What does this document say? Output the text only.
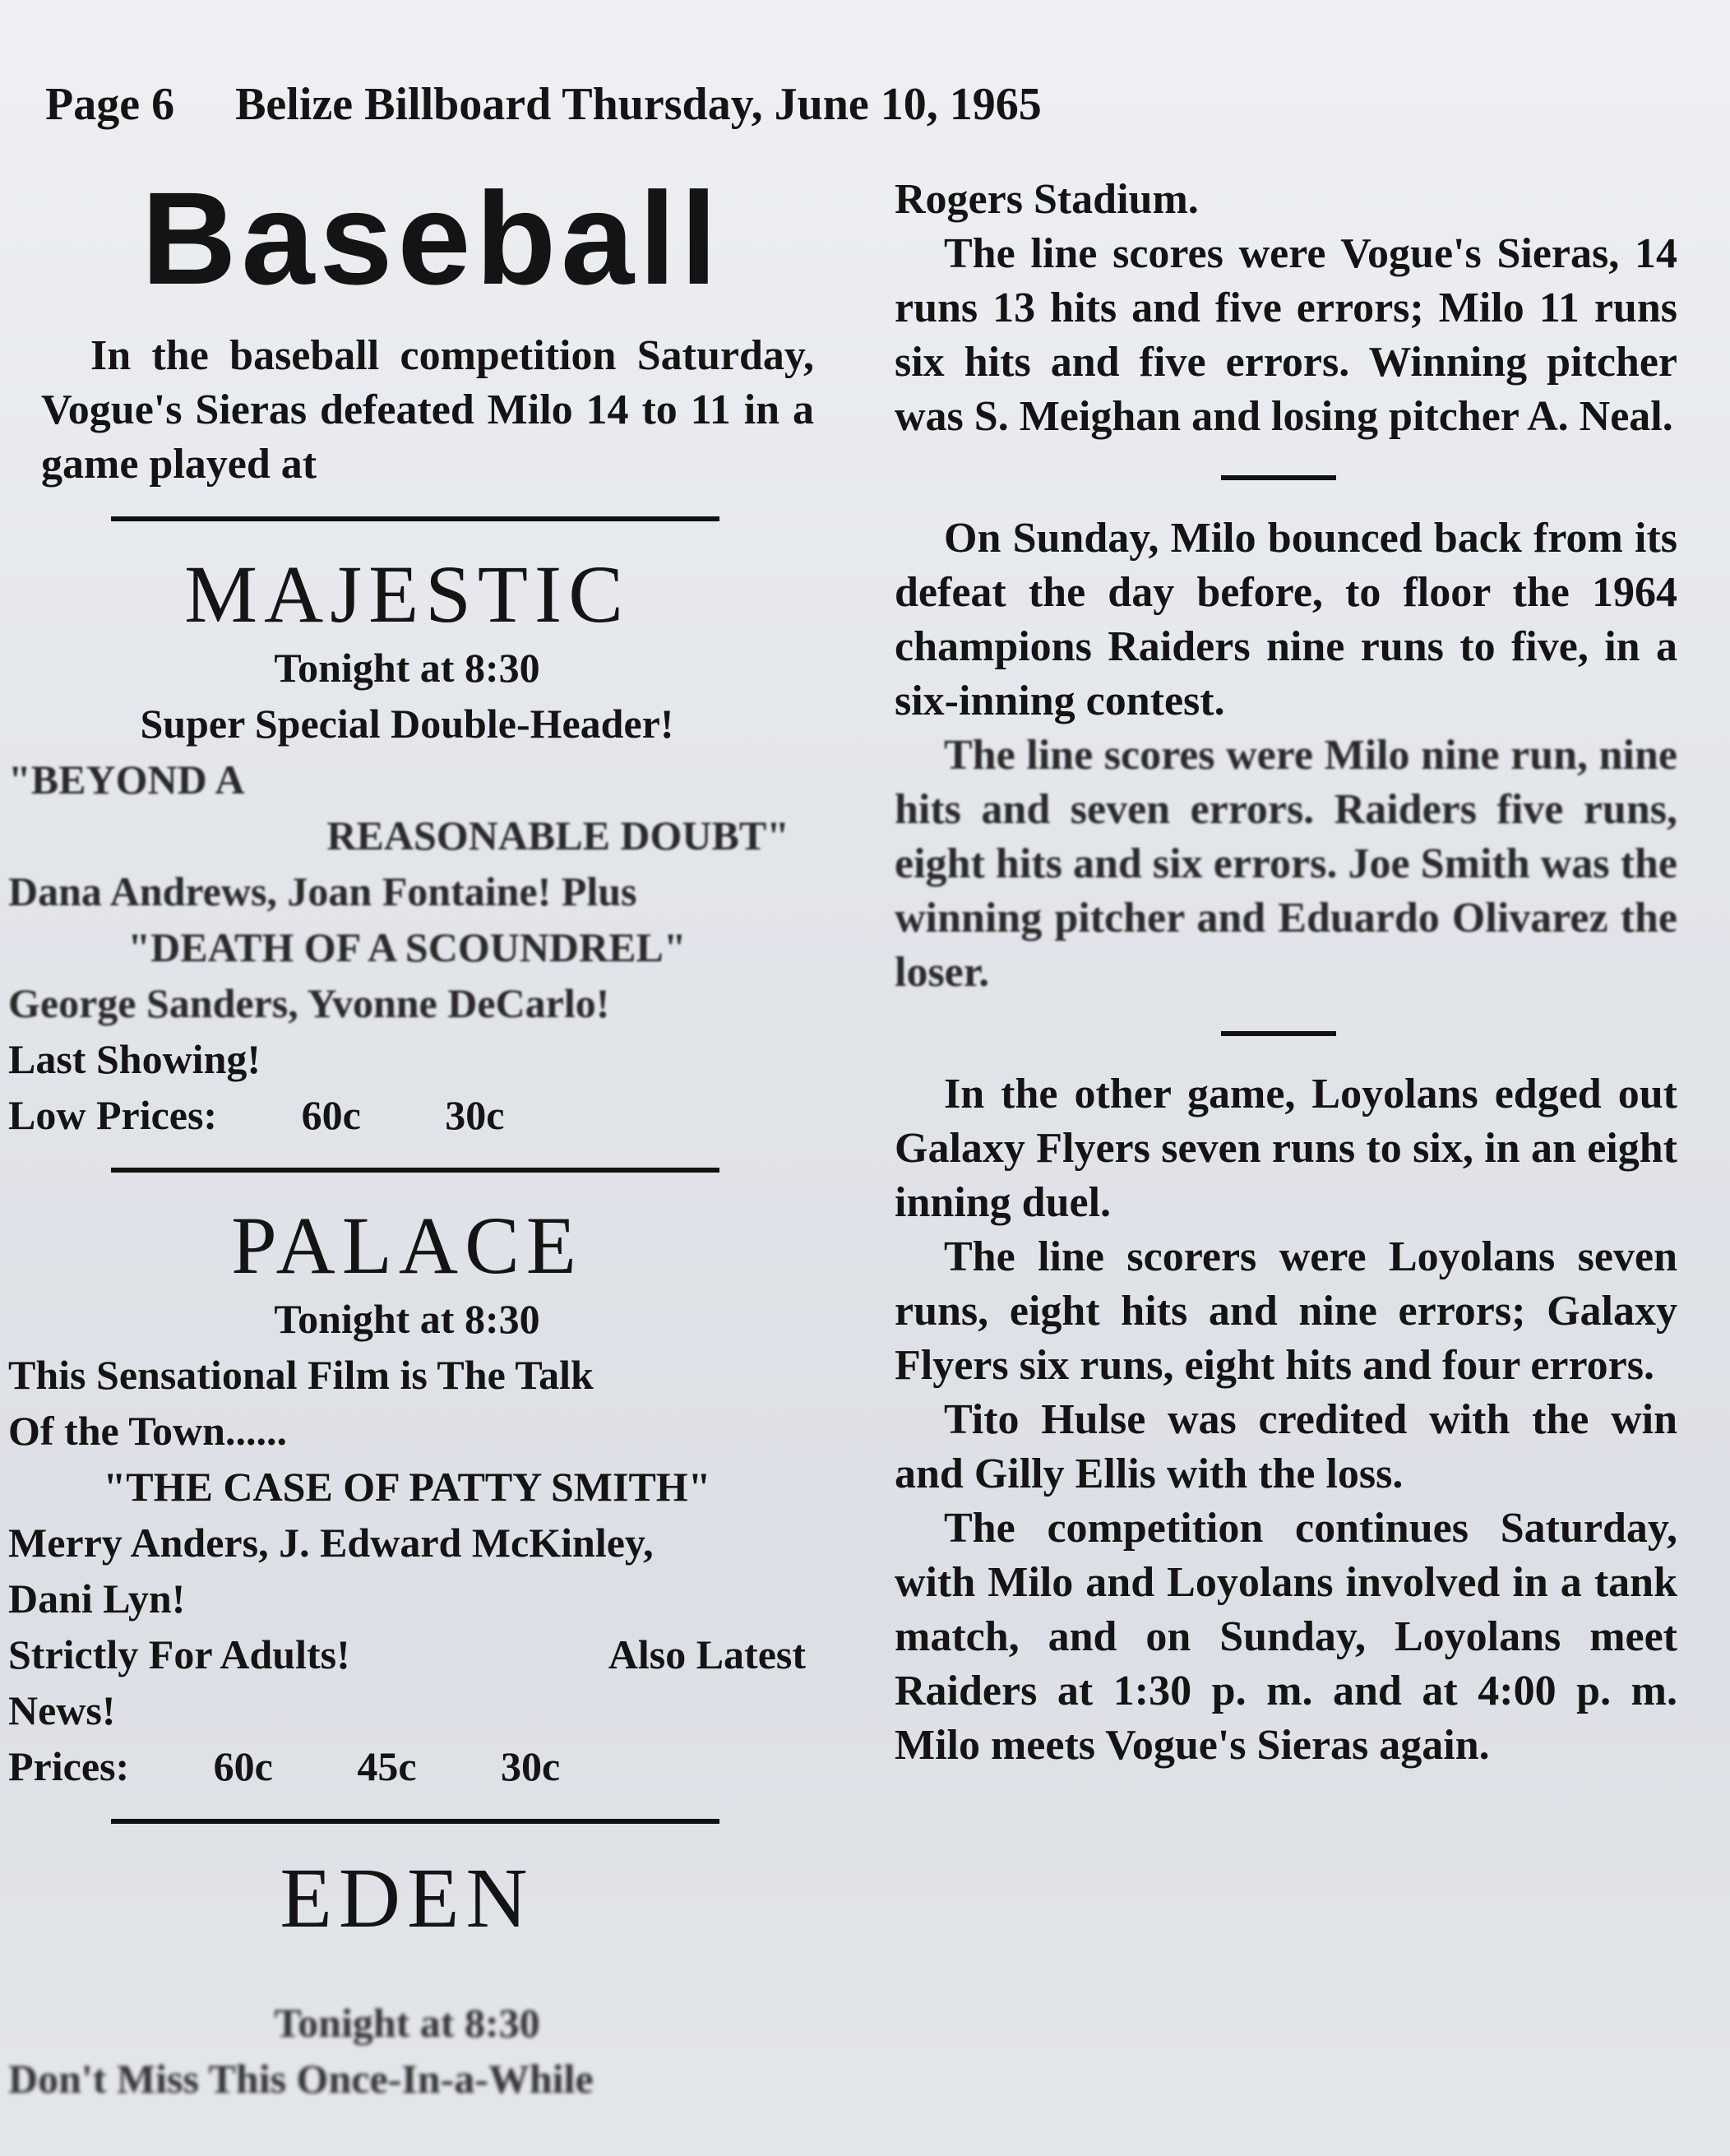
Page 6 Belize Billboard Thursday, June 10, 1965
Baseball

In the baseball competition Saturday, Vogue's Sieras defeated Milo 14 to 11 in a game played at

MAJESTIC

Tonight at 8:30

Super Special Double-Header!

"BEYOND A

REASONABLE DOUBT"

Dana Andrews, Joan Fontaine! Plus

"DEATH OF A SCOUNDREL"

George Sanders, Yvonne DeCarlo!

Last Showing!

Low Prices: 60c 30c

PALACE

Tonight at 8:30

This Sensational Film is The Talk

Of the Town......

"THE CASE OF PATTY SMITH"

Merry Anders, J. Edward McKinley,

Dani Lyn!

Strictly For Adults!	Also Latest

News!

Prices: 60c 45c 30c

EDEN

Tonight at 8:30

Don't Miss This Once-In-a-While

Rogers Stadium.

The line scores were Vogue's Sieras, 14 runs 13 hits and five errors; Milo 11 runs six hits and five errors. Winning pitcher was S. Meighan and losing pitcher A. Neal.

On Sunday, Milo bounced back from its defeat the day before, to floor the 1964 champions Raiders nine runs to five, in a six-inning contest.

The line scores were Milo nine run, nine hits and seven errors. Raiders five runs, eight hits and six errors. Joe Smith was the winning pitcher and Eduardo Olivarez the loser.

In the other game, Loyolans edged out Galaxy Flyers seven runs to six, in an eight inning duel.

The line scorers were Loyolans seven runs, eight hits and nine errors; Galaxy Flyers six runs, eight hits and four errors.

Tito Hulse was credited with the win and Gilly Ellis with the loss.

The competition continues Saturday, with Milo and Loyolans involved in a tank match, and on Sunday, Loyolans meet Raiders at 1:30 p. m. and at 4:00 p. m. Milo meets Vogue's Sieras again.
